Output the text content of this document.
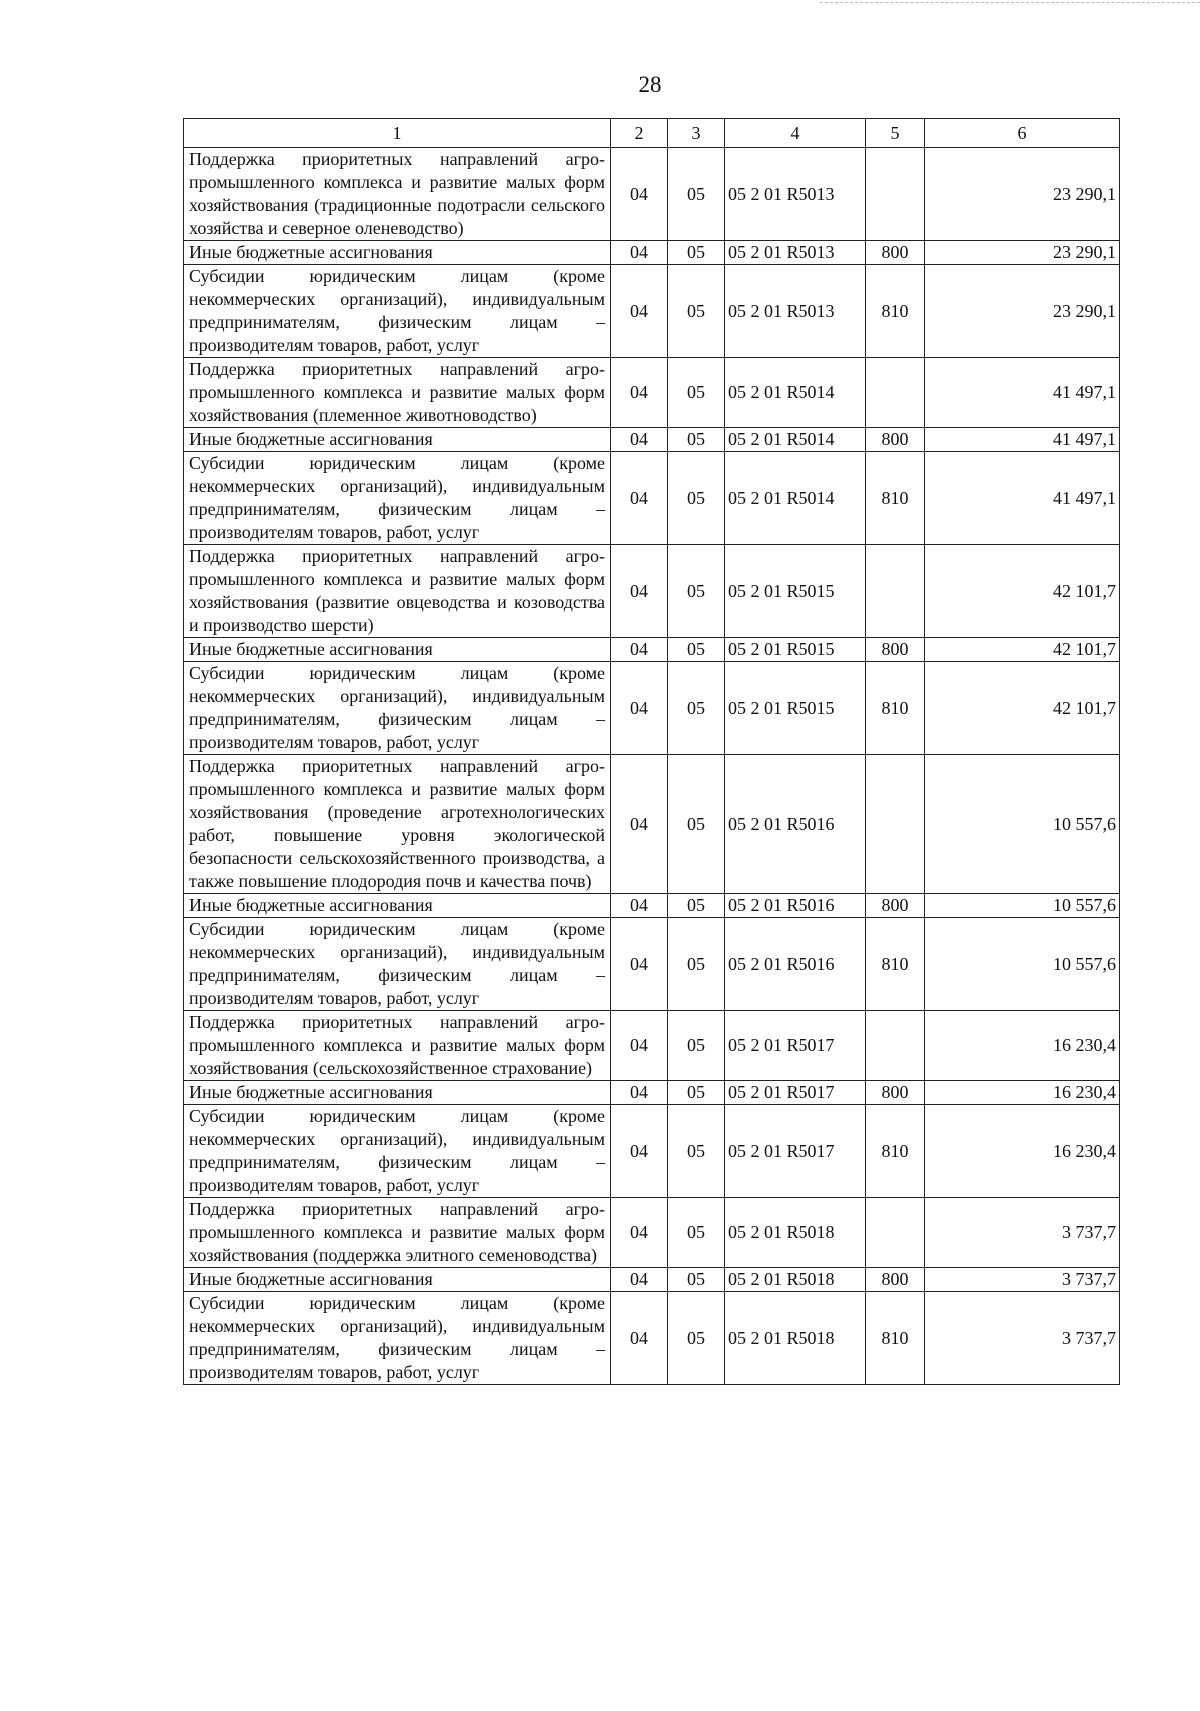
28
1	2	3	4	5	6
Поддержка приоритетных направлений агро-промышленного комплекса и развитие малых форм хозяйствования (традиционные подотрасли сельского хозяйства и северное оленеводство)	04	05	05 2 01 R5013		23 290,1
Иные бюджетные ассигнования	04	05	05 2 01 R5013	800	23 290,1
Субсидии юридическим лицам (кроме некоммерческих организаций), индивидуальным предпринимателям, физическим лицам – производителям товаров, работ, услуг	04	05	05 2 01 R5013	810	23 290,1
Поддержка приоритетных направлений агро-промышленного комплекса и развитие малых форм хозяйствования (племенное животноводство)	04	05	05 2 01 R5014		41 497,1
Иные бюджетные ассигнования	04	05	05 2 01 R5014	800	41 497,1
Субсидии юридическим лицам (кроме некоммерческих организаций), индивидуальным предпринимателям, физическим лицам – производителям товаров, работ, услуг	04	05	05 2 01 R5014	810	41 497,1
Поддержка приоритетных направлений агро-промышленного комплекса и развитие малых форм хозяйствования (развитие овцеводства и козоводства и производство шерсти)	04	05	05 2 01 R5015		42 101,7
Иные бюджетные ассигнования	04	05	05 2 01 R5015	800	42 101,7
Субсидии юридическим лицам (кроме некоммерческих организаций), индивидуальным предпринимателям, физическим лицам – производителям товаров, работ, услуг	04	05	05 2 01 R5015	810	42 101,7
Поддержка приоритетных направлений агро-промышленного комплекса и развитие малых форм хозяйствования (проведение агротехнологических работ, повышение уровня экологической безопасности сельскохозяйственного производства, а также повышение плодородия почв и качества почв)	04	05	05 2 01 R5016		10 557,6
Иные бюджетные ассигнования	04	05	05 2 01 R5016	800	10 557,6
Субсидии юридическим лицам (кроме некоммерческих организаций), индивидуальным предпринимателям, физическим лицам – производителям товаров, работ, услуг	04	05	05 2 01 R5016	810	10 557,6
Поддержка приоритетных направлений агро-промышленного комплекса и развитие малых форм хозяйствования (сельскохозяйственное страхование)	04	05	05 2 01 R5017		16 230,4
Иные бюджетные ассигнования	04	05	05 2 01 R5017	800	16 230,4
Субсидии юридическим лицам (кроме некоммерческих организаций), индивидуальным предпринимателям, физическим лицам – производителям товаров, работ, услуг	04	05	05 2 01 R5017	810	16 230,4
Поддержка приоритетных направлений агро-промышленного комплекса и развитие малых форм хозяйствования (поддержка элитного семеноводства)	04	05	05 2 01 R5018		3 737,7
Иные бюджетные ассигнования	04	05	05 2 01 R5018	800	3 737,7
Субсидии юридическим лицам (кроме некоммерческих организаций), индивидуальным предпринимателям, физическим лицам – производителям товаров, работ, услуг	04	05	05 2 01 R5018	810	3 737,7
